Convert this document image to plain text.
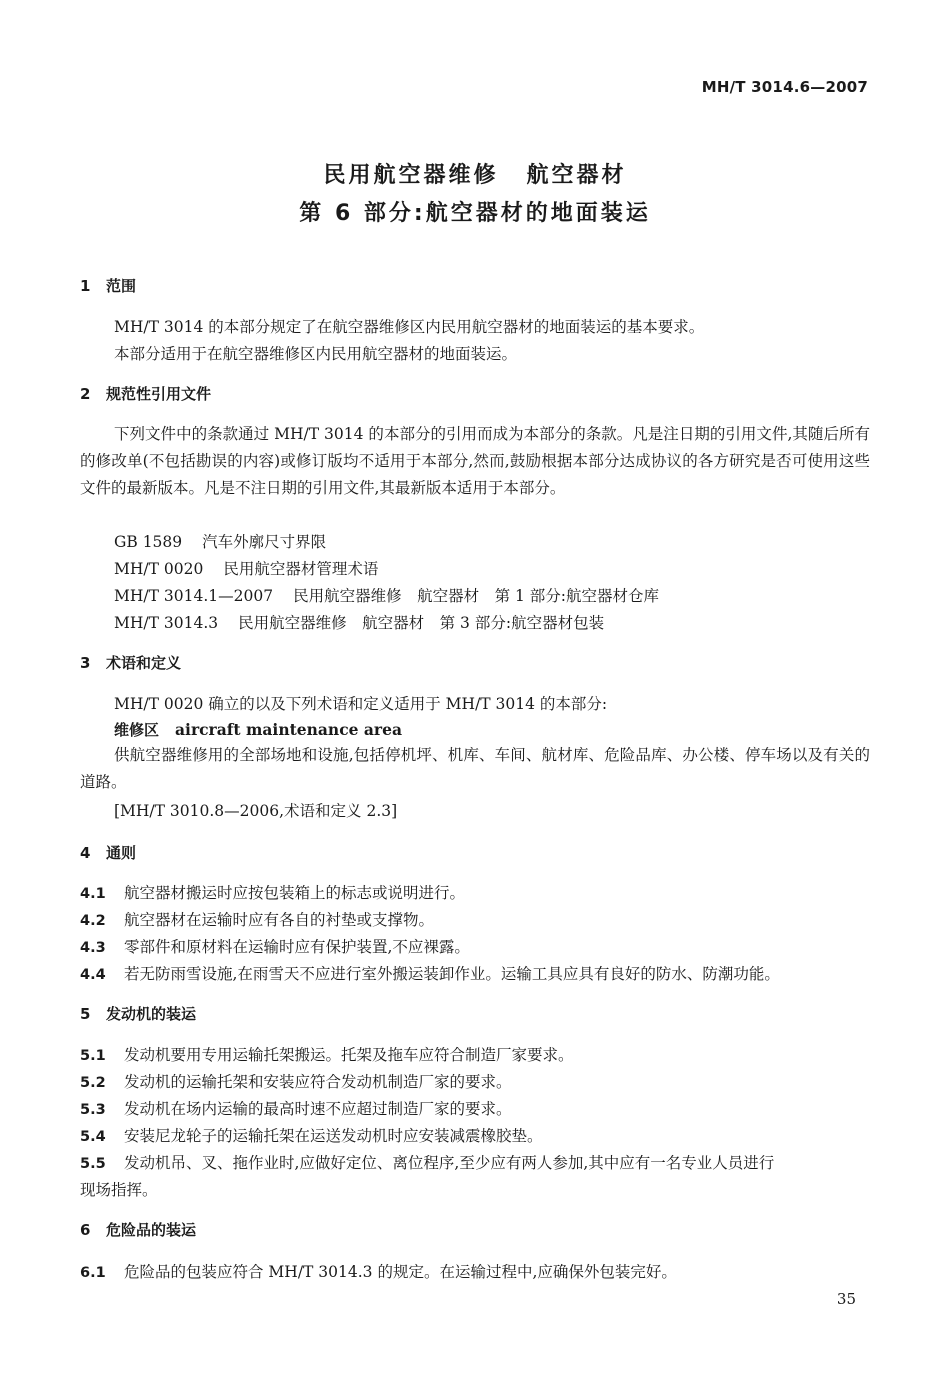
MH/T 3014.6—2007
民用航空器维修 航空器材
第 6 部分:航空器材的地面装运
1 范围
MH/T 3014 的本部分规定了在航空器维修区内民用航空器材的地面装运的基本要求。
本部分适用于在航空器维修区内民用航空器材的地面装运。
2 规范性引用文件
下列文件中的条款通过 MH/T 3014 的本部分的引用而成为本部分的条款。凡是注日期的引用文件,其随后所有的修改单(不包括勘误的内容)或修订版均不适用于本部分,然而,鼓励根据本部分达成协议的各方研究是否可使用这些文件的最新版本。凡是不注日期的引用文件,其最新版本适用于本部分。
GB 1589 汽车外廓尺寸界限
MH/T 0020 民用航空器材管理术语
MH/T 3014.1—2007 民用航空器维修　航空器材　第 1 部分:航空器材仓库
MH/T 3014.3 民用航空器维修　航空器材　第 3 部分:航空器材包装
3 术语和定义
MH/T 0020 确立的以及下列术语和定义适用于 MH/T 3014 的本部分:
维修区 aircraft maintenance area
供航空器维修用的全部场地和设施,包括停机坪、机库、车间、航材库、危险品库、办公楼、停车场以及有关的道路。
[MH/T 3010.8—2006,术语和定义 2.3]
4 通则
4.1 航空器材搬运时应按包装箱上的标志或说明进行。
4.2 航空器材在运输时应有各自的衬垫或支撑物。
4.3 零部件和原材料在运输时应有保护装置,不应裸露。
4.4 若无防雨雪设施,在雨雪天不应进行室外搬运装卸作业。运输工具应具有良好的防水、防潮功能。
5 发动机的装运
5.1 发动机要用专用运输托架搬运。托架及拖车应符合制造厂家要求。
5.2 发动机的运输托架和安装应符合发动机制造厂家的要求。
5.3 发动机在场内运输的最高时速不应超过制造厂家的要求。
5.4 安装尼龙轮子的运输托架在运送发动机时应安装减震橡胶垫。
5.5 发动机吊、叉、拖作业时,应做好定位、离位程序,至少应有两人参加,其中应有一名专业人员进行
现场指挥。
6 危险品的装运
6.1 危险品的包装应符合 MH/T 3014.3 的规定。在运输过程中,应确保外包装完好。
35
